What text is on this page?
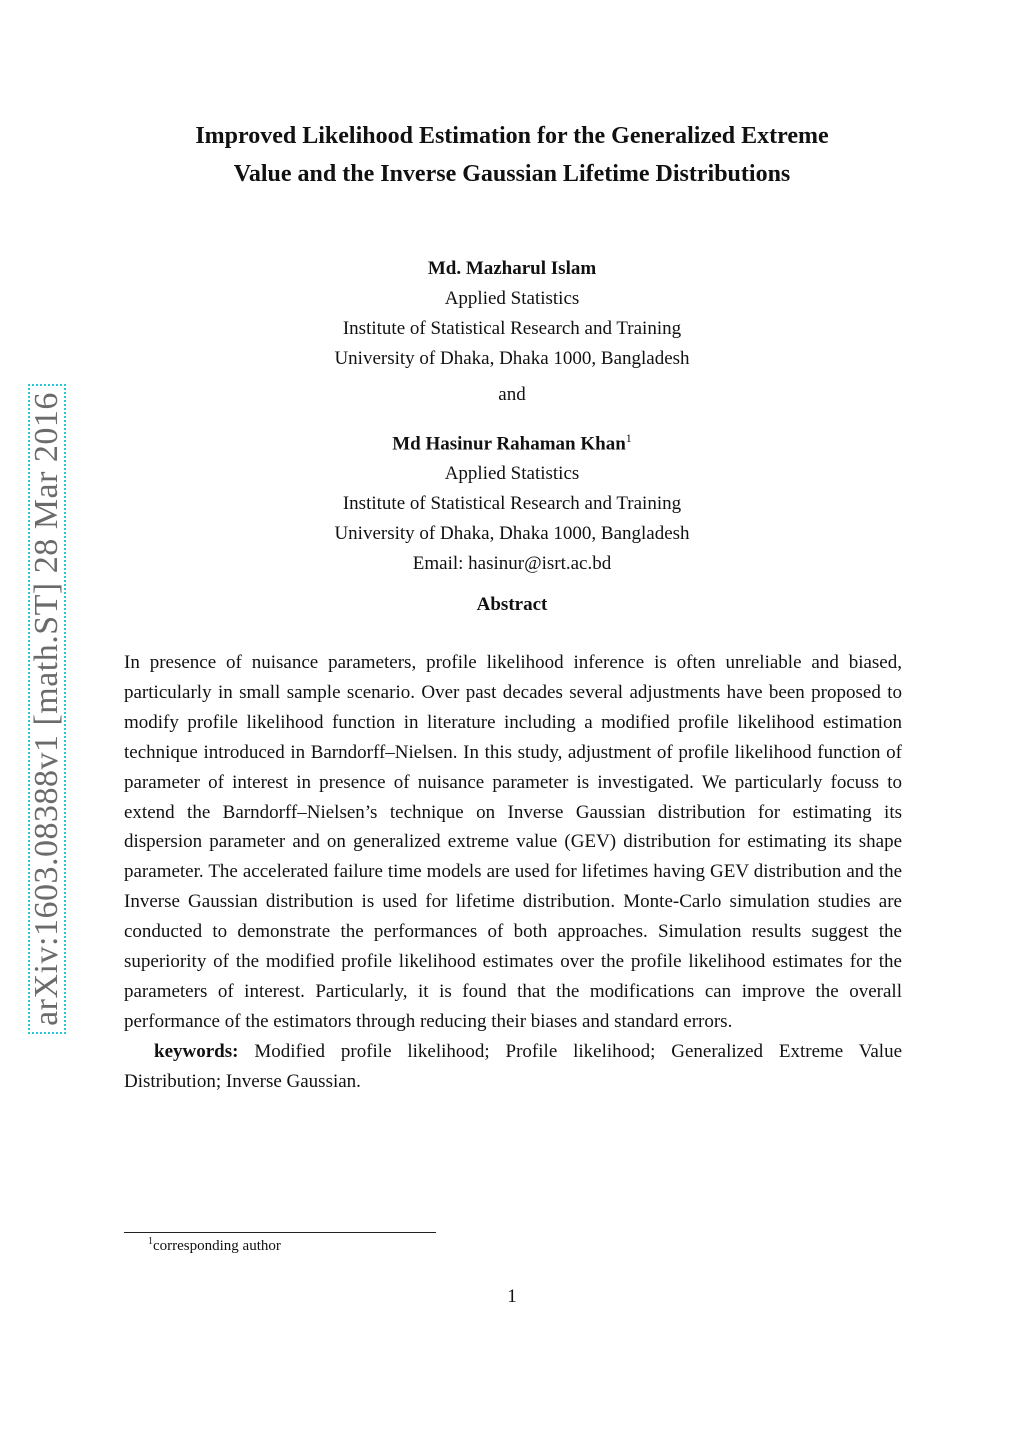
arXiv:1603.08388v1 [math.ST] 28 Mar 2016
Improved Likelihood Estimation for the Generalized Extreme
Value and the Inverse Gaussian Lifetime Distributions
Md. Mazharul Islam
Applied Statistics
Institute of Statistical Research and Training
University of Dhaka, Dhaka 1000, Bangladesh
and
Md Hasinur Rahaman Khan$^1$
Applied Statistics
Institute of Statistical Research and Training
University of Dhaka, Dhaka 1000, Bangladesh
Email: hasinur@isrt.ac.bd
Abstract

In presence of nuisance parameters, profile likelihood inference is often unreliable and biased, particularly in small sample scenario. Over past decades several adjustments have been proposed to modify profile likelihood function in literature including a modified profile likelihood estimation technique introduced in Barndorff–Nielsen. In this study, adjustment of profile likelihood function of parameter of interest in presence of nuisance parameter is investigated. We particularly focuss to extend the Barndorff–Nielsen’s technique on Inverse Gaussian distribution for estimating its dispersion parameter and on generalized extreme value (GEV) distribution for estimating its shape parameter. The accelerated failure time models are used for lifetimes having GEV distribution and the Inverse Gaussian distribution is used for lifetime distribution. Monte-Carlo simulation studies are conducted to demonstrate the performances of both approaches. Simulation results suggest the superiority of the modified profile likelihood estimates over the profile likelihood estimates for the parameters of interest. Particularly, it is found that the modifications can improve the overall performance of the estimators through reducing their biases and standard errors.

keywords: Modified profile likelihood; Profile likelihood; Generalized Extreme Value Distribution; Inverse Gaussian.

$^1$corresponding author
1
